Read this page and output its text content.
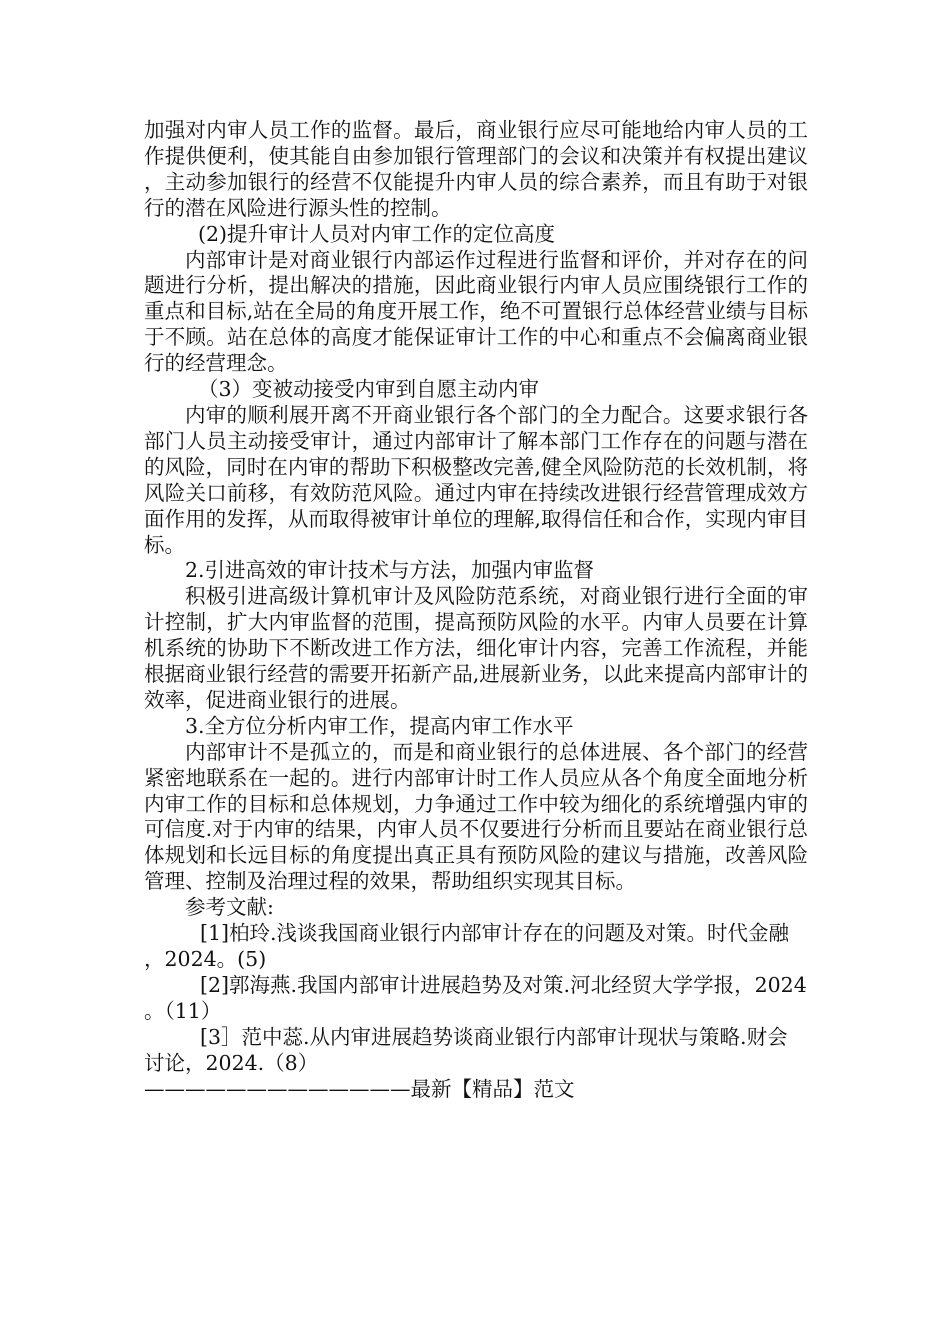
加强对内审人员工作的监督。最后，商业银行应尽可能地给内审人员的工作提供便利，使其能自由参加银行管理部门的会议和决策并有权提出建议，主动参加银行的经营不仅能提升内审人员的综合素养，而且有助于对银行的潜在风险进行源头性的控制。

(2)提升审计人员对内审工作的定位高度

内部审计是对商业银行内部运作过程进行监督和评价，并对存在的问题进行分析，提出解决的措施，因此商业银行内审人员应围绕银行工作的重点和目标,站在全局的角度开展工作，绝不可置银行总体经营业绩与目标于不顾。站在总体的高度才能保证审计工作的中心和重点不会偏离商业银行的经营理念。

（3）变被动接受内审到自愿主动内审

内审的顺利展开离不开商业银行各个部门的全力配合。这要求银行各部门人员主动接受审计，通过内部审计了解本部门工作存在的问题与潜在的风险，同时在内审的帮助下积极整改完善,健全风险防范的长效机制，将风险关口前移，有效防范风险。通过内审在持续改进银行经营管理成效方面作用的发挥，从而取得被审计单位的理解,取得信任和合作，实现内审目标。

2.引进高效的审计技术与方法，加强内审监督

积极引进高级计算机审计及风险防范系统，对商业银行进行全面的审计控制，扩大内审监督的范围，提高预防风险的水平。内审人员要在计算机系统的协助下不断改进工作方法，细化审计内容，完善工作流程，并能根据商业银行经营的需要开拓新产品,进展新业务，以此来提高内部审计的效率，促进商业银行的进展。

3.全方位分析内审工作，提高内审工作水平

内部审计不是孤立的，而是和商业银行的总体进展、各个部门的经营紧密地联系在一起的。进行内部审计时工作人员应从各个角度全面地分析内审工作的目标和总体规划，力争通过工作中较为细化的系统增强内审的可信度.对于内审的结果，内审人员不仅要进行分析而且要站在商业银行总体规划和长远目标的角度提出真正具有预防风险的建议与措施，改善风险管理、控制及治理过程的效果，帮助组织实现其目标。

参考文献:

[1]柏玲.浅谈我国商业银行内部审计存在的问题及对策。时代金融，2024。(5)

[2]郭海燕.我国内部审计进展趋势及对策.河北经贸大学学报，2024。（11）

[3］范中蕊.从内审进展趋势谈商业银行内部审计现状与策略.财会讨论，2024.（8）

—————————————最新【精品】范文
